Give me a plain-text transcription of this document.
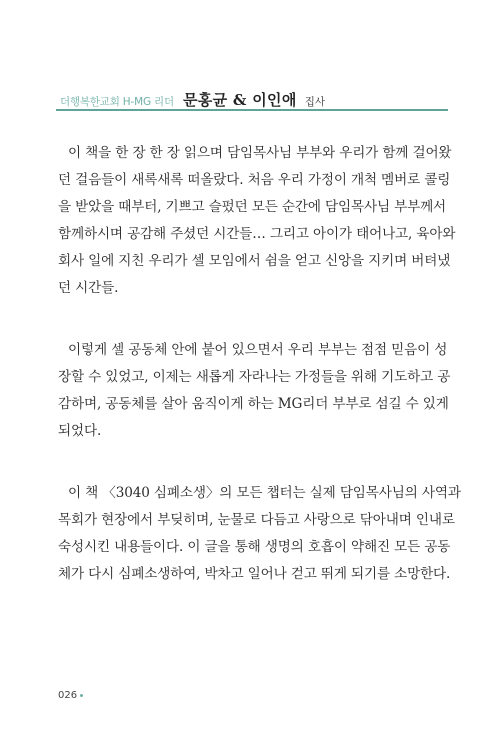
더행복한교회 H-MG 리더 문홍균 & 이인애 집사
이 책을 한 장 한 장 읽으며 담임목사님 부부와 우리가 함께 걸어왔
던 걸음들이 새록새록 떠올랐다. 처음 우리 가정이 개척 멤버로 콜링
을 받았을 때부터, 기쁘고 슬펐던 모든 순간에 담임목사님 부부께서
함께하시며 공감해 주셨던 시간들… 그리고 아이가 태어나고, 육아와
회사 일에 지친 우리가 셀 모임에서 쉼을 얻고 신앙을 지키며 버텨냈
던 시간들.
이렇게 셀 공동체 안에 붙어 있으면서 우리 부부는 점점 믿음이 성
장할 수 있었고, 이제는 새롭게 자라나는 가정들을 위해 기도하고 공
감하며, 공동체를 살아 움직이게 하는 MG리더 부부로 섬길 수 있게
되었다.
이 책 〈3040 심폐소생〉의 모든 챕터는 실제 담임목사님의 사역과
목회가 현장에서 부딪히며, 눈물로 다듬고 사랑으로 닦아내며 인내로
숙성시킨 내용들이다. 이 글을 통해 생명의 호흡이 약해진 모든 공동
체가 다시 심폐소생하여, 박차고 일어나 걷고 뛰게 되기를 소망한다.
026
